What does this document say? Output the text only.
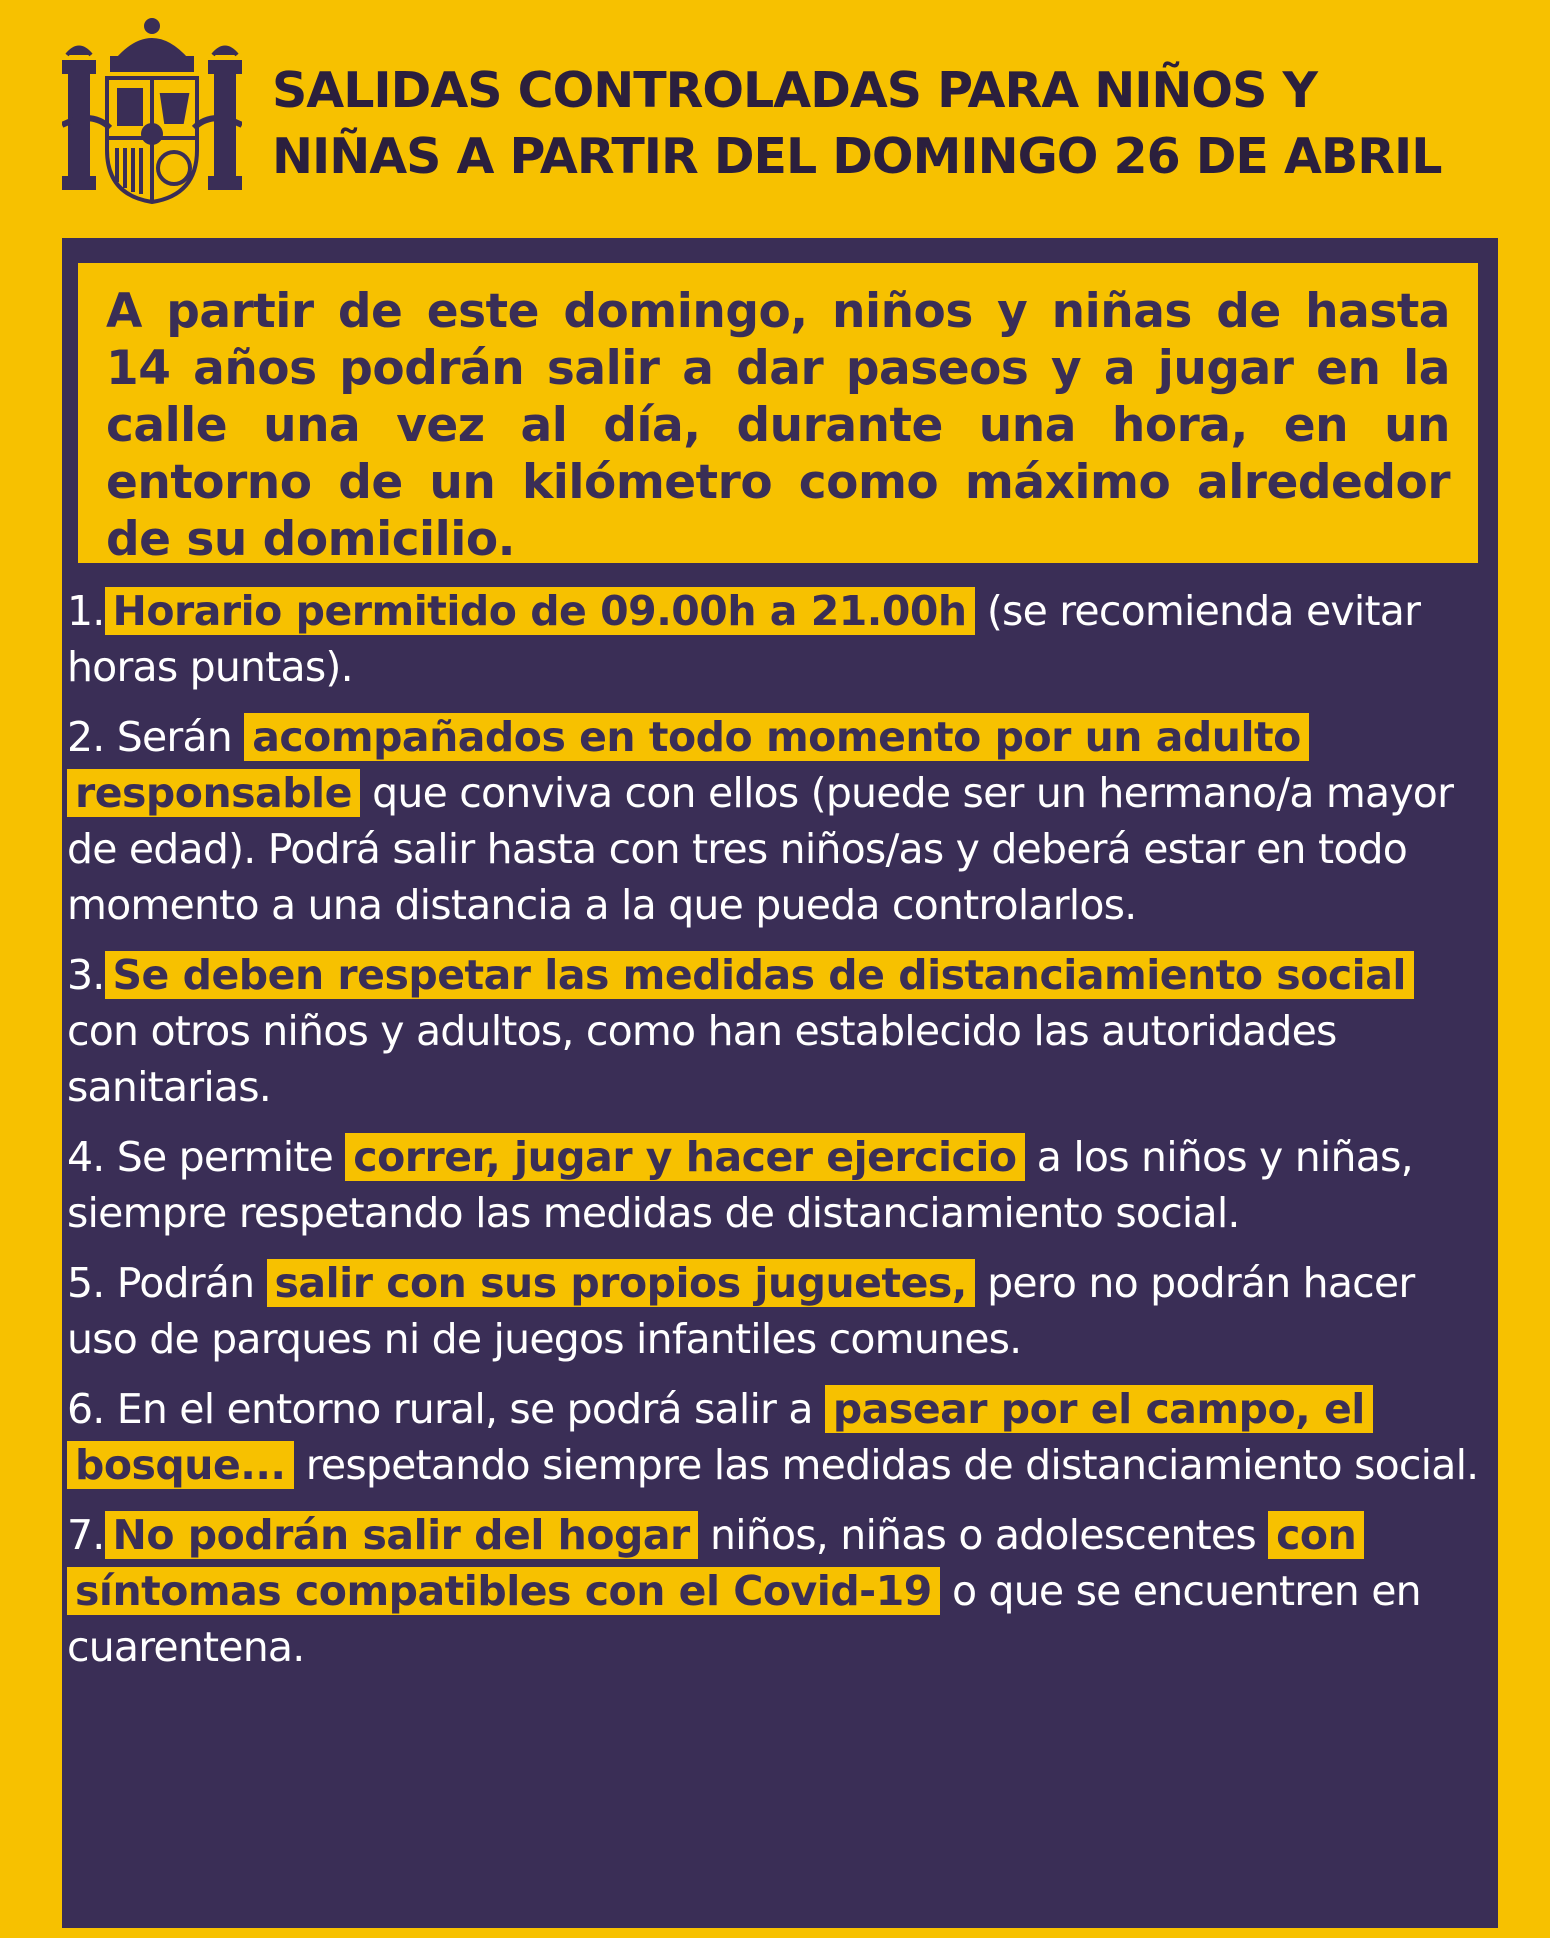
SALIDAS CONTROLADAS PARA NIÑOS Y
NIÑAS A PARTIR DEL DOMINGO 26 DE ABRIL
A partir de este domingo, niños y niñas de hasta 14 años podrán salir a dar paseos y a jugar en la calle una vez al día, durante una hora, en un entorno de un kilómetro como máximo alrededor de su domicilio.
1. Horario permitido de 09.00h a 21.00h (se recomienda evitar horas puntas).
2. Serán acompañados en todo momento por un adulto responsable que conviva con ellos (puede ser un hermano/a mayor de edad). Podrá salir hasta con tres niños/as y deberá estar en todo momento a una distancia a la que pueda controlarlos.
3. Se deben respetar las medidas de distanciamiento social con otros niños y adultos, como han establecido las autoridades sanitarias.
4. Se permite correr, jugar y hacer ejercicio a los niños y niñas, siempre respetando las medidas de distanciamiento social.
5. Podrán salir con sus propios juguetes, pero no podrán hacer uso de parques ni de juegos infantiles comunes.
6. En el entorno rural, se podrá salir a pasear por el campo, el bosque... respetando siempre las medidas de distanciamiento social.
7. No podrán salir del hogar niños, niñas o adolescentes con síntomas compatibles con el Covid-19 o que se encuentren en cuarentena.
